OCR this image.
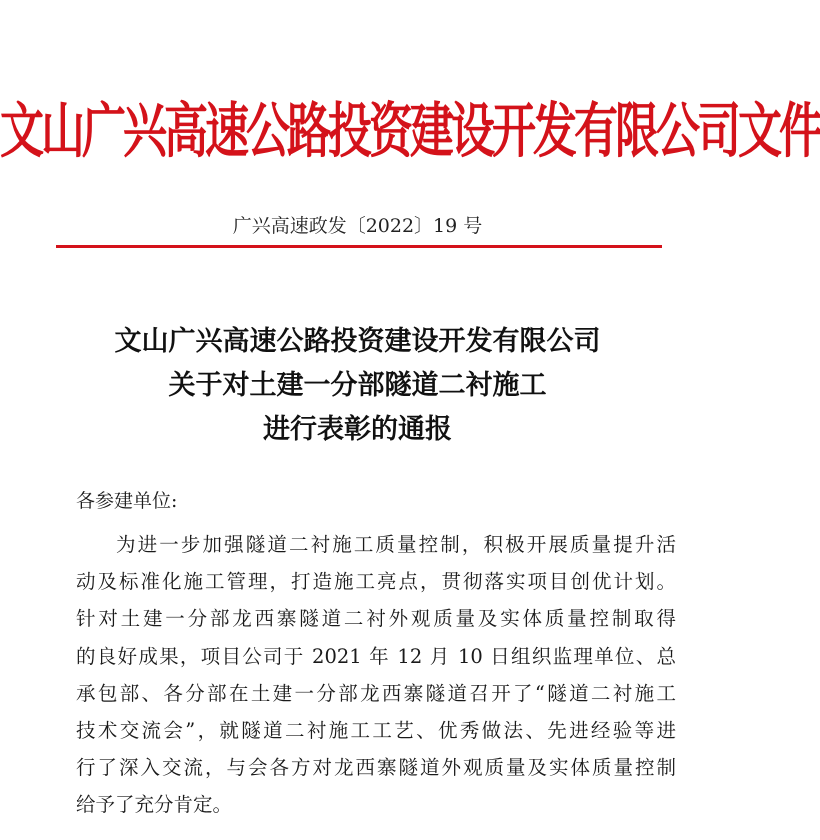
文山广兴高速公路投资建设开发有限公司文件
广兴高速政发〔2022〕19 号
文山广兴高速公路投资建设开发有限公司
关于对土建一分部隧道二衬施工
进行表彰的通报
各参建单位:
为进一步加强隧道二衬施工质量控制，积极开展质量提升活
动及标准化施工管理，打造施工亮点，贯彻落实项目创优计划。
针对土建一分部龙西寨隧道二衬外观质量及实体质量控制取得
的良好成果，项目公司于 2021 年 12 月 10 日组织监理单位、总
承包部、各分部在土建一分部龙西寨隧道召开了“隧道二衬施工
技术交流会”，就隧道二衬施工工艺、优秀做法、先进经验等进
行了深入交流，与会各方对龙西寨隧道外观质量及实体质量控制
给予了充分肯定。
